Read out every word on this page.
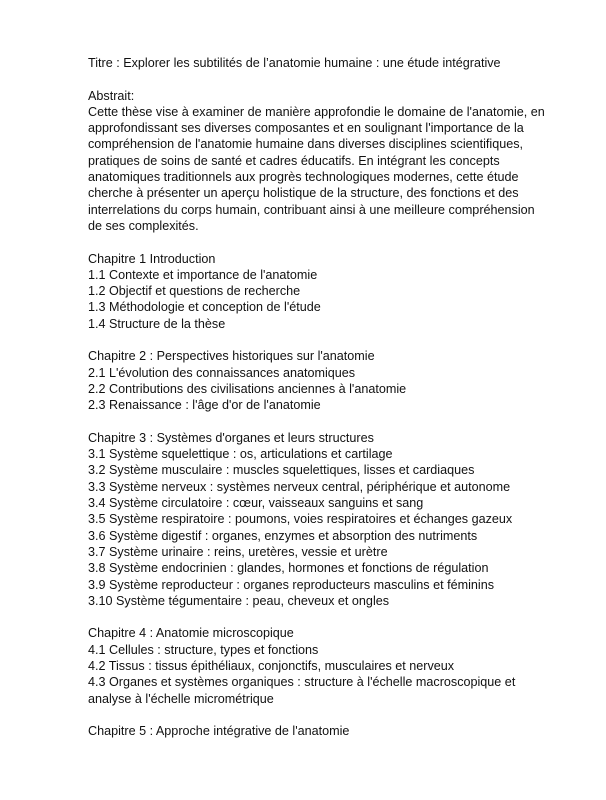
Titre : Explorer les subtilités de l’anatomie humaine : une étude intégrative

Abstrait:
Cette thèse vise à examiner de manière approfondie le domaine de l'anatomie, en
approfondissant ses diverses composantes et en soulignant l'importance de la
compréhension de l'anatomie humaine dans diverses disciplines scientifiques,
pratiques de soins de santé et cadres éducatifs. En intégrant les concepts
anatomiques traditionnels aux progrès technologiques modernes, cette étude
cherche à présenter un aperçu holistique de la structure, des fonctions et des
interrelations du corps humain, contribuant ainsi à une meilleure compréhension
de ses complexités.
Chapitre 1 Introduction
1.1 Contexte et importance de l'anatomie
1.2 Objectif et questions de recherche
1.3 Méthodologie et conception de l'étude
1.4 Structure de la thèse
Chapitre 2 : Perspectives historiques sur l'anatomie
2.1 L'évolution des connaissances anatomiques
2.2 Contributions des civilisations anciennes à l'anatomie
2.3 Renaissance : l'âge d'or de l'anatomie
Chapitre 3 : Systèmes d'organes et leurs structures
3.1 Système squelettique : os, articulations et cartilage
3.2 Système musculaire : muscles squelettiques, lisses et cardiaques
3.3 Système nerveux : systèmes nerveux central, périphérique et autonome
3.4 Système circulatoire : cœur, vaisseaux sanguins et sang
3.5 Système respiratoire : poumons, voies respiratoires et échanges gazeux
3.6 Système digestif : organes, enzymes et absorption des nutriments
3.7 Système urinaire : reins, uretères, vessie et urètre
3.8 Système endocrinien : glandes, hormones et fonctions de régulation
3.9 Système reproducteur : organes reproducteurs masculins et féminins
3.10 Système tégumentaire : peau, cheveux et ongles
Chapitre 4 : Anatomie microscopique
4.1 Cellules : structure, types et fonctions
4.2 Tissus : tissus épithéliaux, conjonctifs, musculaires et nerveux
4.3 Organes et systèmes organiques : structure à l'échelle macroscopique et
analyse à l'échelle micrométrique
Chapitre 5 : Approche intégrative de l'anatomie
